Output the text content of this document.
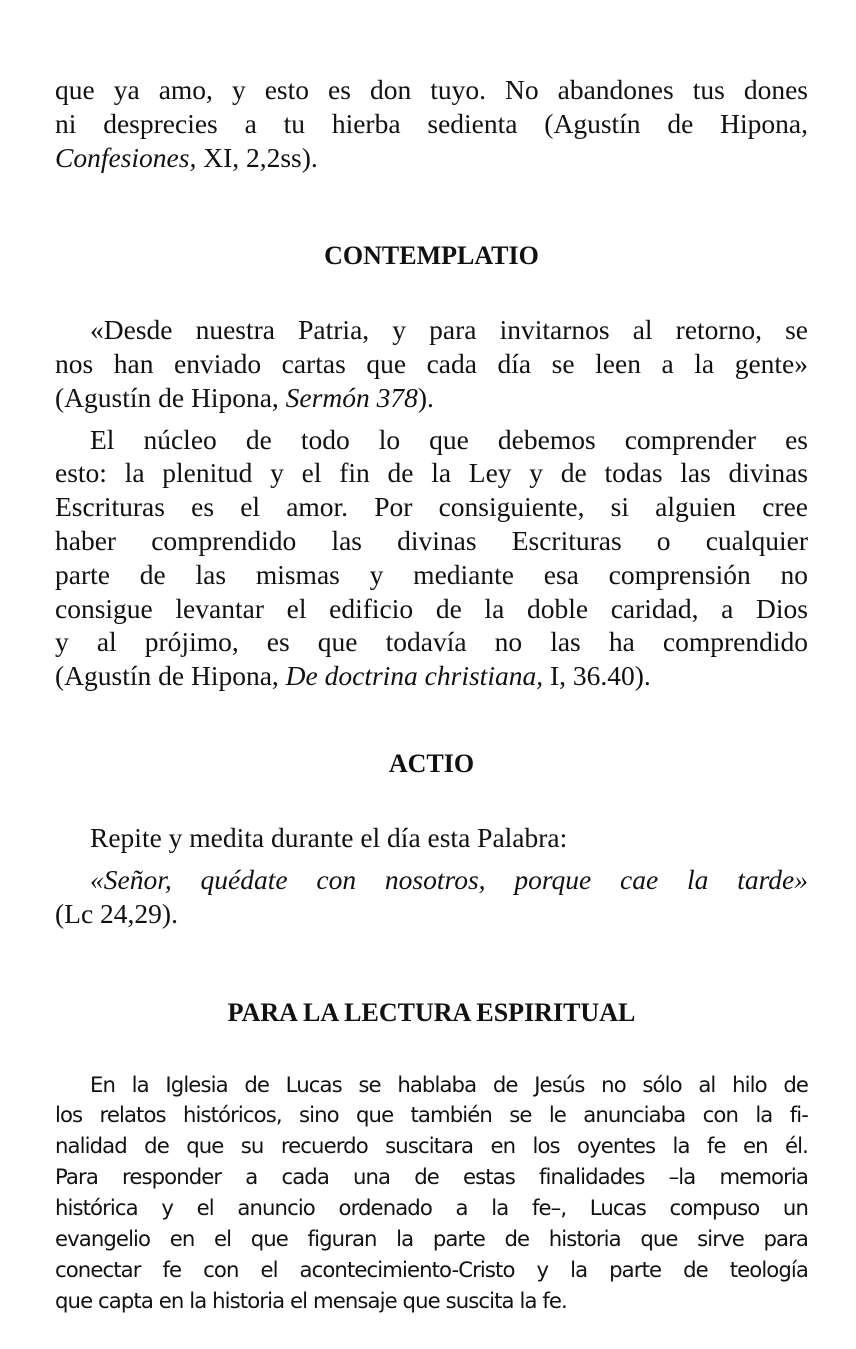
que ya amo, y esto es don tuyo. No abandones tus dones
ni desprecies a tu hierba sedienta (Agustín de Hipona,
Confesiones, XI, 2,2ss).
CONTEMPLATIO
«Desde nuestra Patria, y para invitarnos al retorno, se
nos han enviado cartas que cada día se leen a la gente»
(Agustín de Hipona, Sermón 378).
El núcleo de todo lo que debemos comprender es
esto: la plenitud y el fin de la Ley y de todas las divinas
Escrituras es el amor. Por consiguiente, si alguien cree
haber comprendido las divinas Escrituras o cualquier
parte de las mismas y mediante esa comprensión no
consigue levantar el edificio de la doble caridad, a Dios
y al prójimo, es que todavía no las ha comprendido
(Agustín de Hipona, De doctrina christiana, I, 36.40).
ACTIO
Repite y medita durante el día esta Palabra:
«Señor, quédate con nosotros, porque cae la tarde»
(Lc 24,29).
PARA LA LECTURA ESPIRITUAL
En la Iglesia de Lucas se hablaba de Jesús no sólo al hilo de
los relatos históricos, sino que también se le anunciaba con la fi-
nalidad de que su recuerdo suscitara en los oyentes la fe en él.
Para responder a cada una de estas finalidades –la memoria
histórica y el anuncio ordenado a la fe–, Lucas compuso un
evangelio en el que figuran la parte de historia que sirve para
conectar fe con el acontecimiento-Cristo y la parte de teología
que capta en la historia el mensaje que suscita la fe.
